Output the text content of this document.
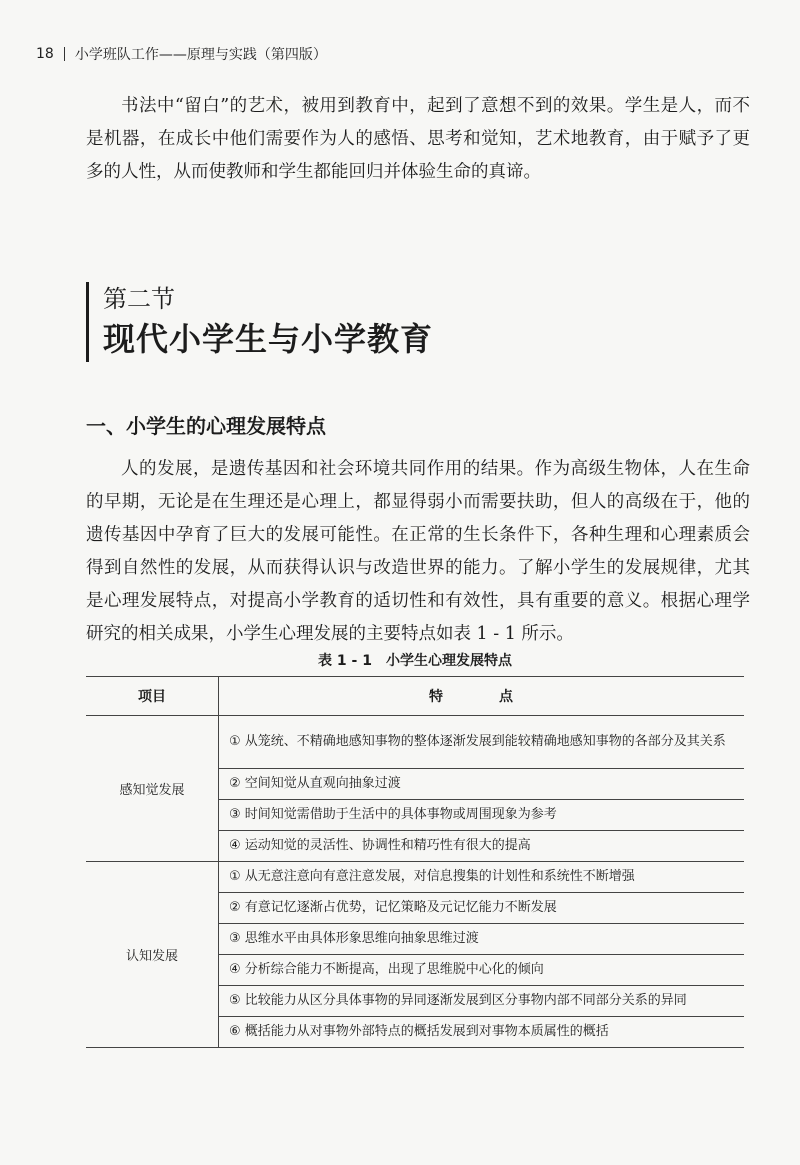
18 小学班队工作——原理与实践（第四版）

书法中“留白”的艺术，被用到教育中，起到了意想不到的效果。学生是人，而不是机器，在成长中他们需要作为人的感悟、思考和觉知，艺术地教育，由于赋予了更多的人性，从而使教师和学生都能回归并体验生命的真谛。

第二节
现代小学生与小学教育
一、小学生的心理发展特点

人的发展，是遗传基因和社会环境共同作用的结果。作为高级生物体，人在生命的早期，无论是在生理还是心理上，都显得弱小而需要扶助，但人的高级在于，他的遗传基因中孕育了巨大的发展可能性。在正常的生长条件下，各种生理和心理素质会得到自然性的发展，从而获得认识与改造世界的能力。了解小学生的发展规律，尤其是心理发展特点，对提高小学教育的适切性和有效性，具有重要的意义。根据心理学研究的相关成果，小学生心理发展的主要特点如表 1 - 1 所示。

表 1 - 1　小学生心理发展特点
项目	特　点
感知觉发展	① 从笼统、不精确地感知事物的整体逐渐发展到能较精确地感知事物的各部分及其关系
	② 空间知觉从直观向抽象过渡
	③ 时间知觉需借助于生活中的具体事物或周围现象为参考
	④ 运动知觉的灵活性、协调性和精巧性有很大的提高
认知发展	① 从无意注意向有意注意发展，对信息搜集的计划性和系统性不断增强
	② 有意记忆逐渐占优势，记忆策略及元记忆能力不断发展
	③ 思维水平由具体形象思维向抽象思维过渡
	④ 分析综合能力不断提高，出现了思维脱中心化的倾向
	⑤ 比较能力从区分具体事物的异同逐渐发展到区分事物内部不同部分关系的异同
	⑥ 概括能力从对事物外部特点的概括发展到对事物本质属性的概括
